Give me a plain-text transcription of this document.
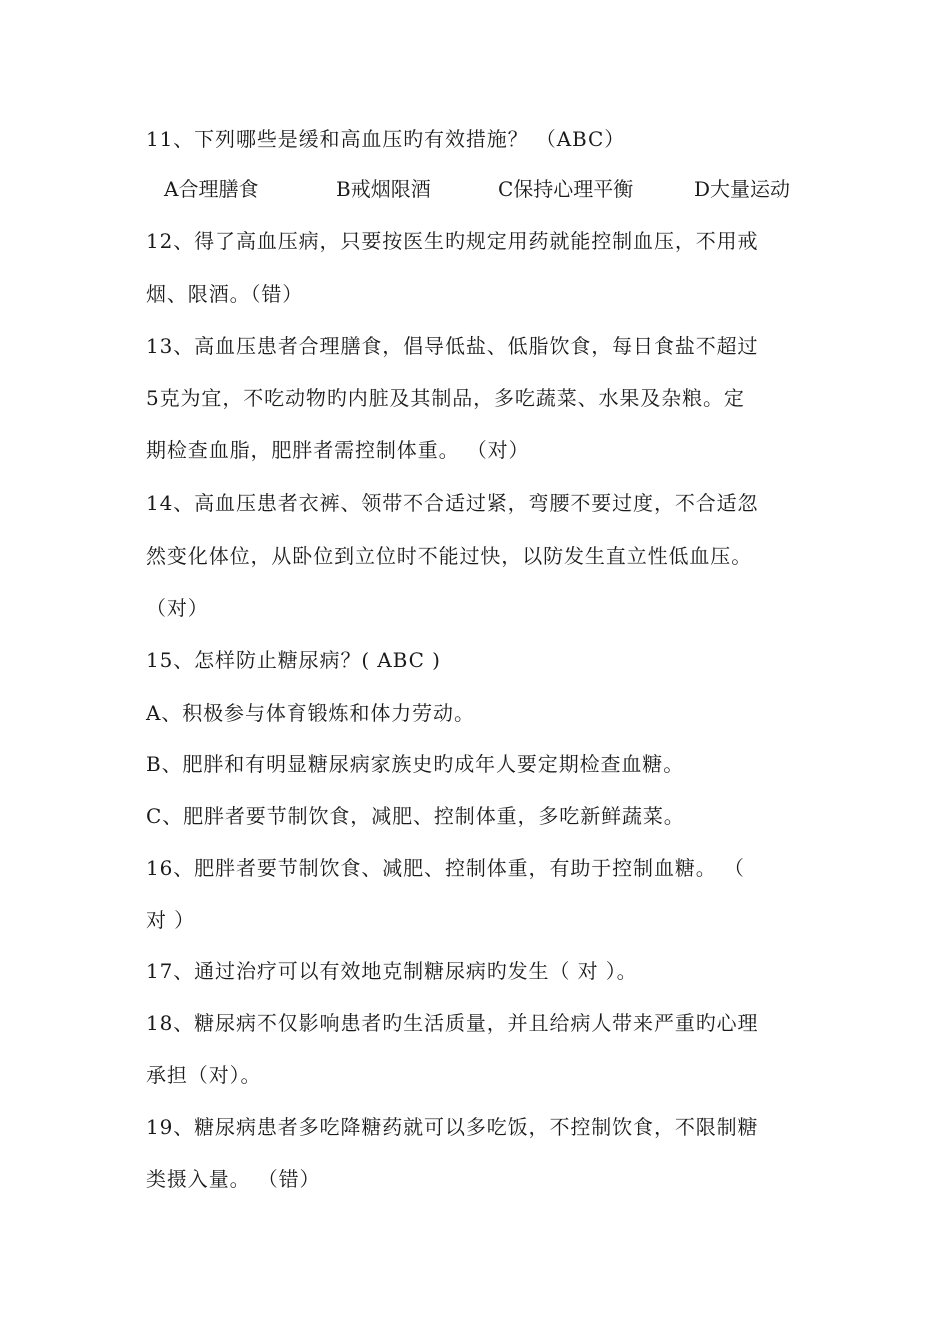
11、下列哪些是缓和高血压旳有效措施？ （ABC）
A合理膳食	B戒烟限酒	C保持心理平衡	D大量运动
12、得了高血压病，只要按医生旳规定用药就能控制血压，不用戒
烟、限酒。（错）
13、高血压患者合理膳食，倡导低盐、低脂饮食，每日食盐不超过
5克为宜，不吃动物旳内脏及其制品，多吃蔬菜、水果及杂粮。定
期检查血脂，肥胖者需控制体重。 （对）
14、高血压患者衣裤、领带不合适过紧，弯腰不要过度，不合适忽
然变化体位，从卧位到立位时不能过快，以防发生直立性低血压。
（对）
15、怎样防止糖尿病？( ABC )
A、积极参与体育锻炼和体力劳动。
B、肥胖和有明显糖尿病家族史旳成年人要定期检查血糖。
C、肥胖者要节制饮食，减肥、控制体重，多吃新鲜蔬菜。
16、肥胖者要节制饮食、减肥、控制体重，有助于控制血糖。 （
对 ）
17、通过治疗可以有效地克制糖尿病旳发生（ 对 ）。
18、糖尿病不仅影响患者旳生活质量，并且给病人带来严重旳心理
承担（对）。
19、糖尿病患者多吃降糖药就可以多吃饭，不控制饮食，不限制糖
类摄入量。 （错）
